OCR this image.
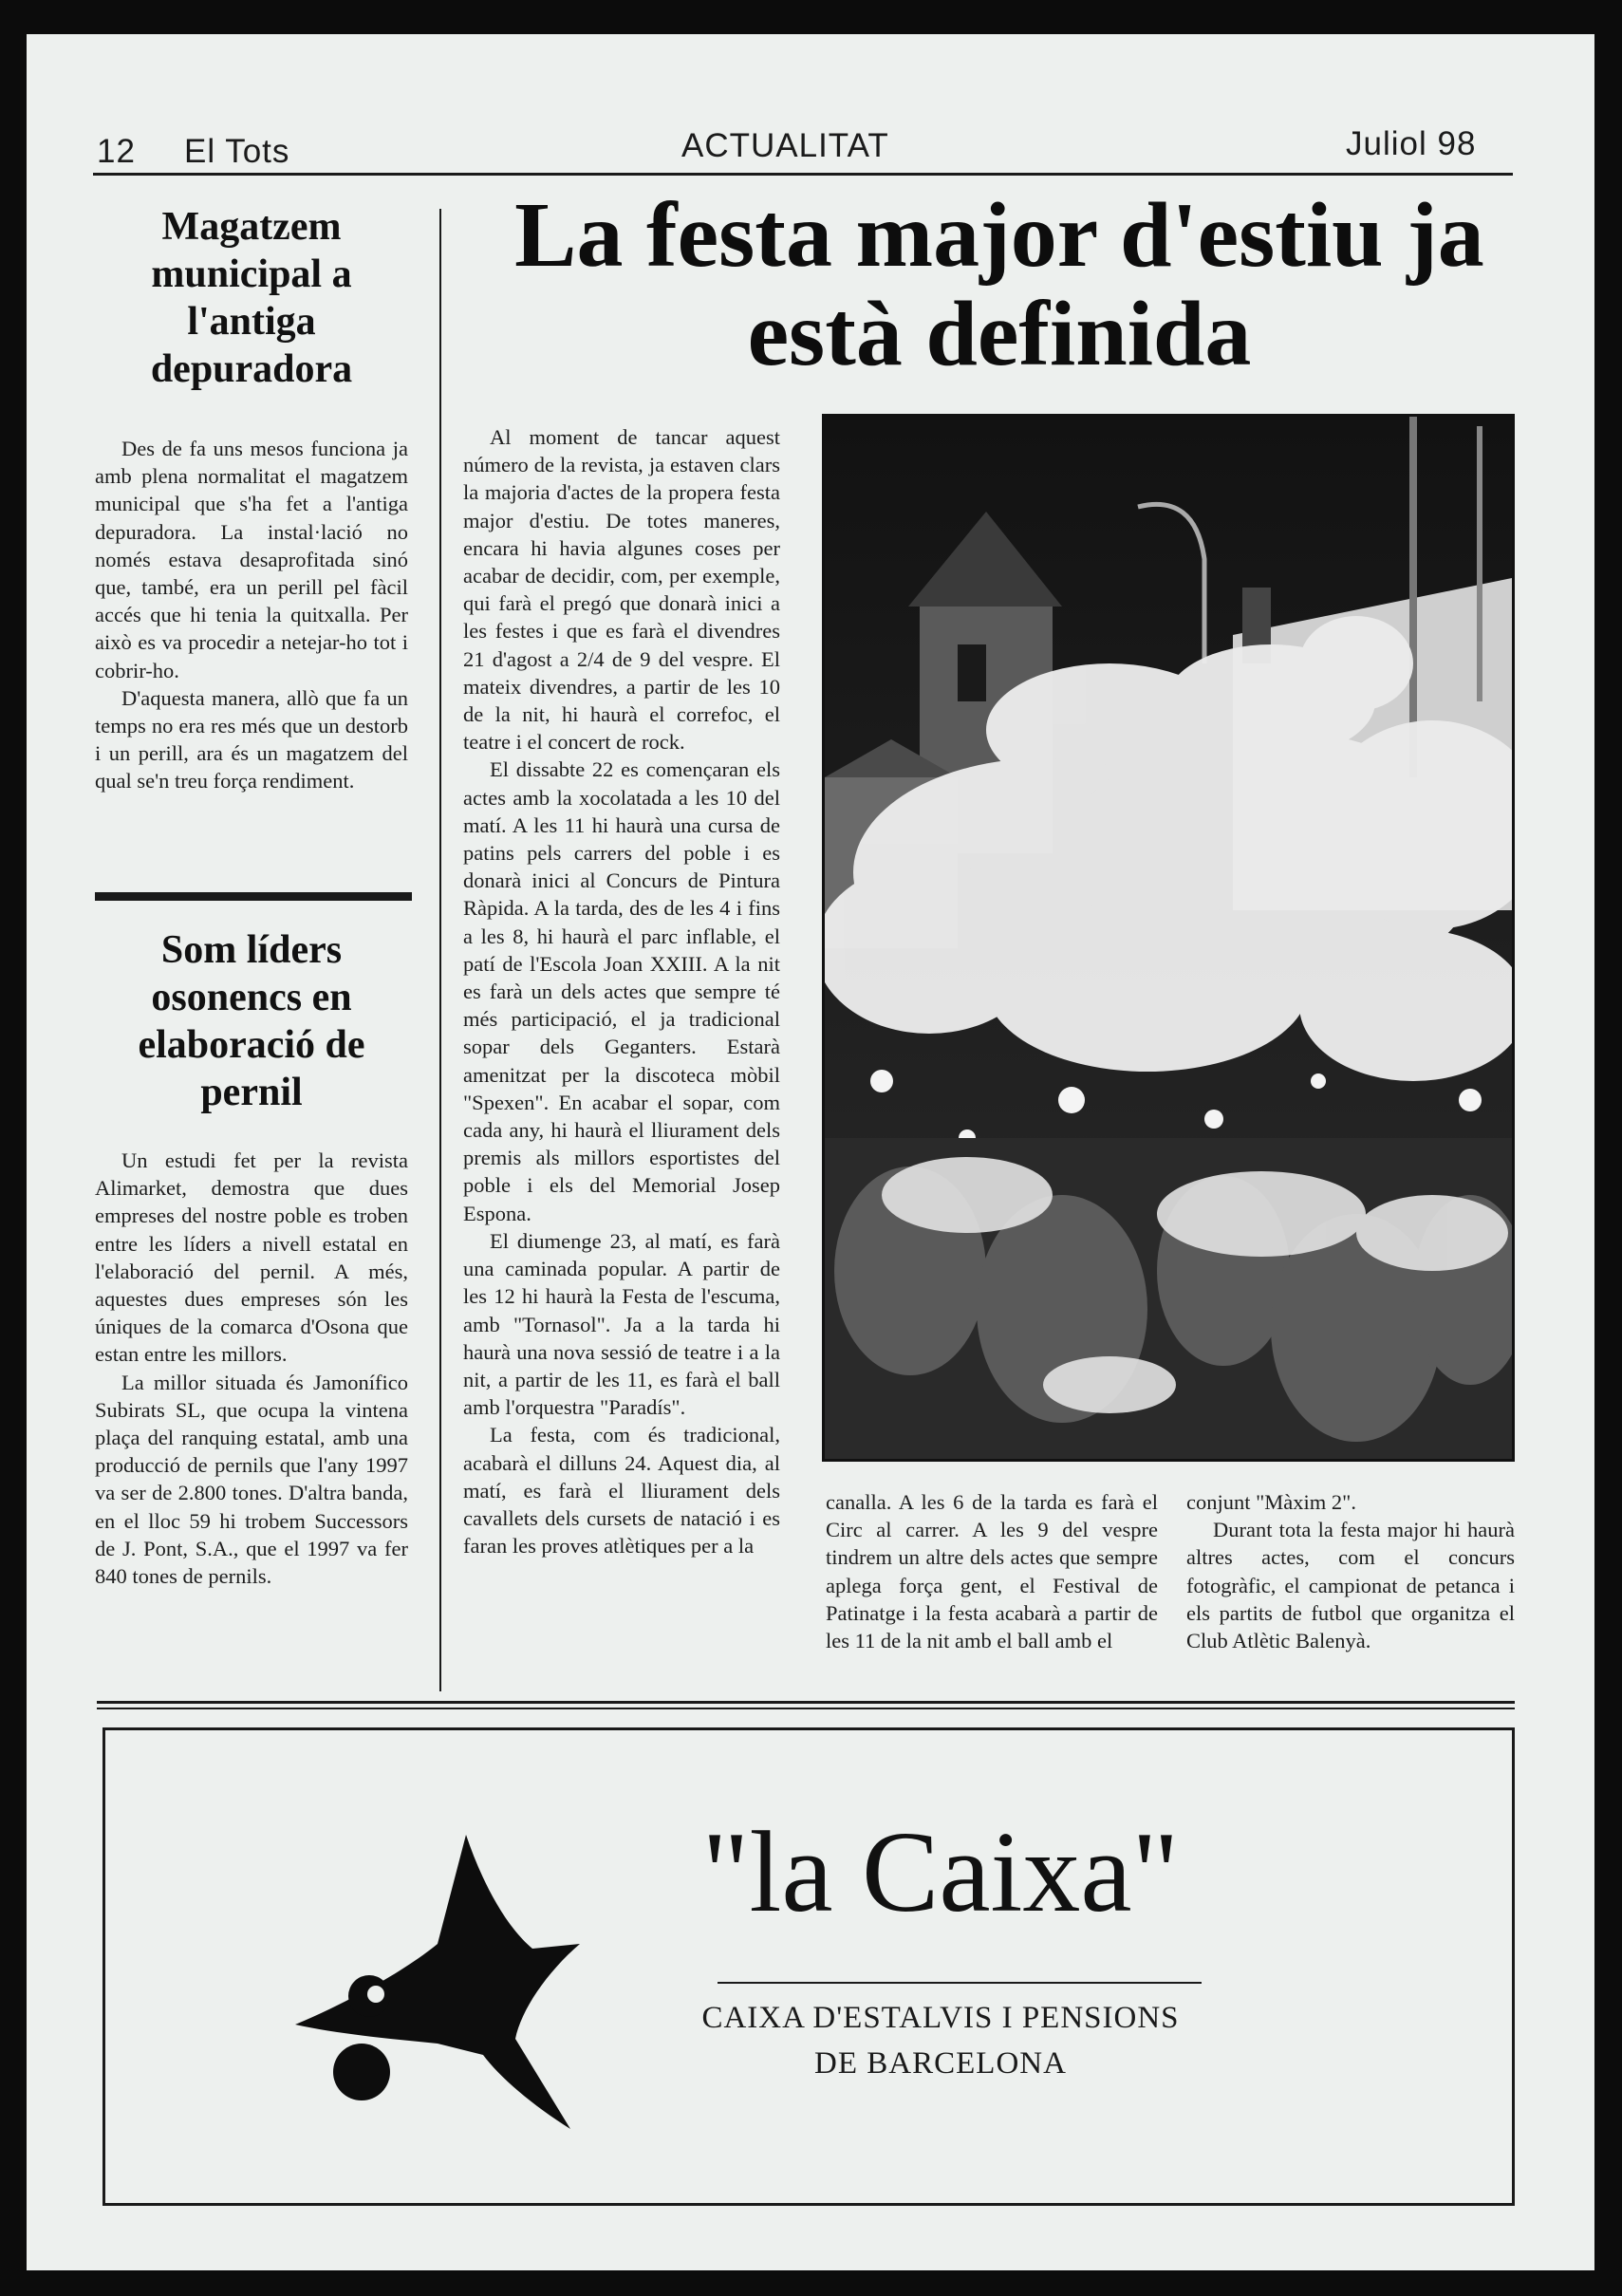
12 El Tots	ACTUALITAT	Juliol 98
Magatzem municipal a l'antiga depuradora

Des de fa uns mesos funciona ja amb plena normalitat el magatzem municipal que s'ha fet a l'antiga depuradora. La instal·lació no només estava desaprofitada sinó que, també, era un perill pel fàcil accés que hi tenia la quitxalla. Per això es va procedir a netejar-ho tot i cobrir-ho.

D'aquesta manera, allò que fa un temps no era res més que un destorb i un perill, ara és un magatzem del qual se'n treu força rendiment.

Som líders osonencs en elaboració de pernil

Un estudi fet per la revista Alimarket, demostra que dues empreses del nostre poble es troben entre les líders a nivell estatal en l'elaboració del pernil. A més, aquestes dues empreses són les úniques de la comarca d'Osona que estan entre les millors.

La millor situada és Jamonífico Subirats SL, que ocupa la vintena plaça del ranquing estatal, amb una producció de pernils que l'any 1997 va ser de 2.800 tones. D'altra banda, en el lloc 59 hi trobem Successors de J. Pont, S.A., que el 1997 va fer 840 tones de pernils.

La festa major d'estiu ja està definida

Al moment de tancar aquest número de la revista, ja estaven clars la majoria d'actes de la propera festa major d'estiu. De totes maneres, encara hi havia algunes coses per acabar de decidir, com, per exemple, qui farà el pregó que donarà inici a les festes i que es farà el divendres 21 d'agost a 2/4 de 9 del vespre. El mateix divendres, a partir de les 10 de la nit, hi haurà el correfoc, el teatre i el concert de rock.

El dissabte 22 es començaran els actes amb la xocolatada a les 10 del matí. A les 11 hi haurà una cursa de patins pels carrers del poble i es donarà inici al Concurs de Pintura Ràpida. A la tarda, des de les 4 i fins a les 8, hi haurà el parc inflable, el patí de l'Escola Joan XXIII. A la nit es farà un dels actes que sempre té més participació, el ja tradicional sopar dels Geganters. Estarà amenitzat per la discoteca mòbil "Spexen". En acabar el sopar, com cada any, hi haurà el lliurament dels premis als millors esportistes del poble i els del Memorial Josep Espona.

El diumenge 23, al matí, es farà una caminada popular. A partir de les 12 hi haurà la Festa de l'escuma, amb "Tornasol". Ja a la tarda hi haurà una nova sessió de teatre i a la nit, a partir de les 11, es farà el ball amb l'orquestra "Paradís".

La festa, com és tradicional, acabarà el dilluns 24. Aquest dia, al matí, es farà el lliurament dels cavallets dels cursets de natació i es faran les proves atlètiques per a la

canalla. A les 6 de la tarda es farà el Circ al carrer. A les 9 del vespre tindrem un altre dels actes que sempre aplega força gent, el Festival de Patinatge i la festa acabarà a partir de les 11 de la nit amb el ball amb el

conjunt "Màxim 2".

Durant tota la festa major hi haurà altres actes, com el concurs fotogràfic, el campionat de petanca i els partits de futbol que organitza el Club Atlètic Balenyà.

"la Caixa"
CAIXA D'ESTALVIS I PENSIONS
DE BARCELONA
